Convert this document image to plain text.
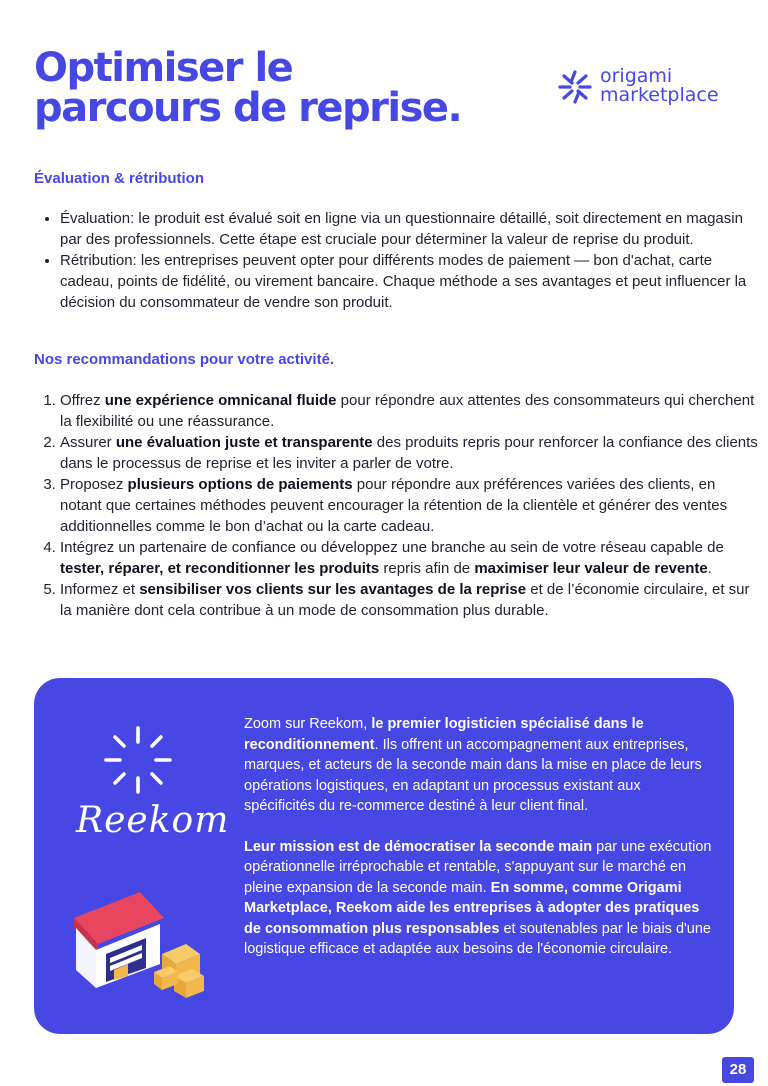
Optimiser le
parcours de reprise.
origami
marketplace
Évaluation & rétribution
• Évaluation: le produit est évalué soit en ligne via un questionnaire détaillé, soit directement en magasin par des professionnels. Cette étape est cruciale pour déterminer la valeur de reprise du produit.
• Rétribution: les entreprises peuvent opter pour différents modes de paiement — bon d'achat, carte cadeau, points de fidélité, ou virement bancaire. Chaque méthode a ses avantages et peut influencer la décision du consommateur de vendre son produit.
Nos recommandations pour votre activité.
1. Offrez une expérience omnicanal fluide pour répondre aux attentes des consommateurs qui cherchent la flexibilité ou une réassurance.
2. Assurer une évaluation juste et transparente des produits repris pour renforcer la confiance des clients dans le processus de reprise et les inviter a parler de votre.
3. Proposez plusieurs options de paiements pour répondre aux préférences variées des clients, en notant que certaines méthodes peuvent encourager la rétention de la clientèle et générer des ventes additionnelles comme le bon d’achat ou la carte cadeau.
4. Intégrez un partenaire de confiance ou développez une branche au sein de votre réseau capable de tester, réparer, et reconditionner les produits repris afin de maximiser leur valeur de revente.
5. Informez et sensibiliser vos clients sur les avantages de la reprise et de l’économie circulaire, et sur la manière dont cela contribue à un mode de consommation plus durable.
Reekom

Zoom sur Reekom, le premier logisticien spécialisé dans le reconditionnement. Ils offrent un accompagnement aux entreprises, marques, et acteurs de la seconde main dans la mise en place de leurs opérations logistiques, en adaptant un processus existant aux spécificités du re-commerce destiné à leur client final.

Leur mission est de démocratiser la seconde main par une exécution opérationnelle irréprochable et rentable, s'appuyant sur le marché en pleine expansion de la seconde main. En somme, comme Origami Marketplace, Reekom aide les entreprises à adopter des pratiques de consommation plus responsables et soutenables par le biais d'une logistique efficace et adaptée aux besoins de l'économie circulaire.

28
